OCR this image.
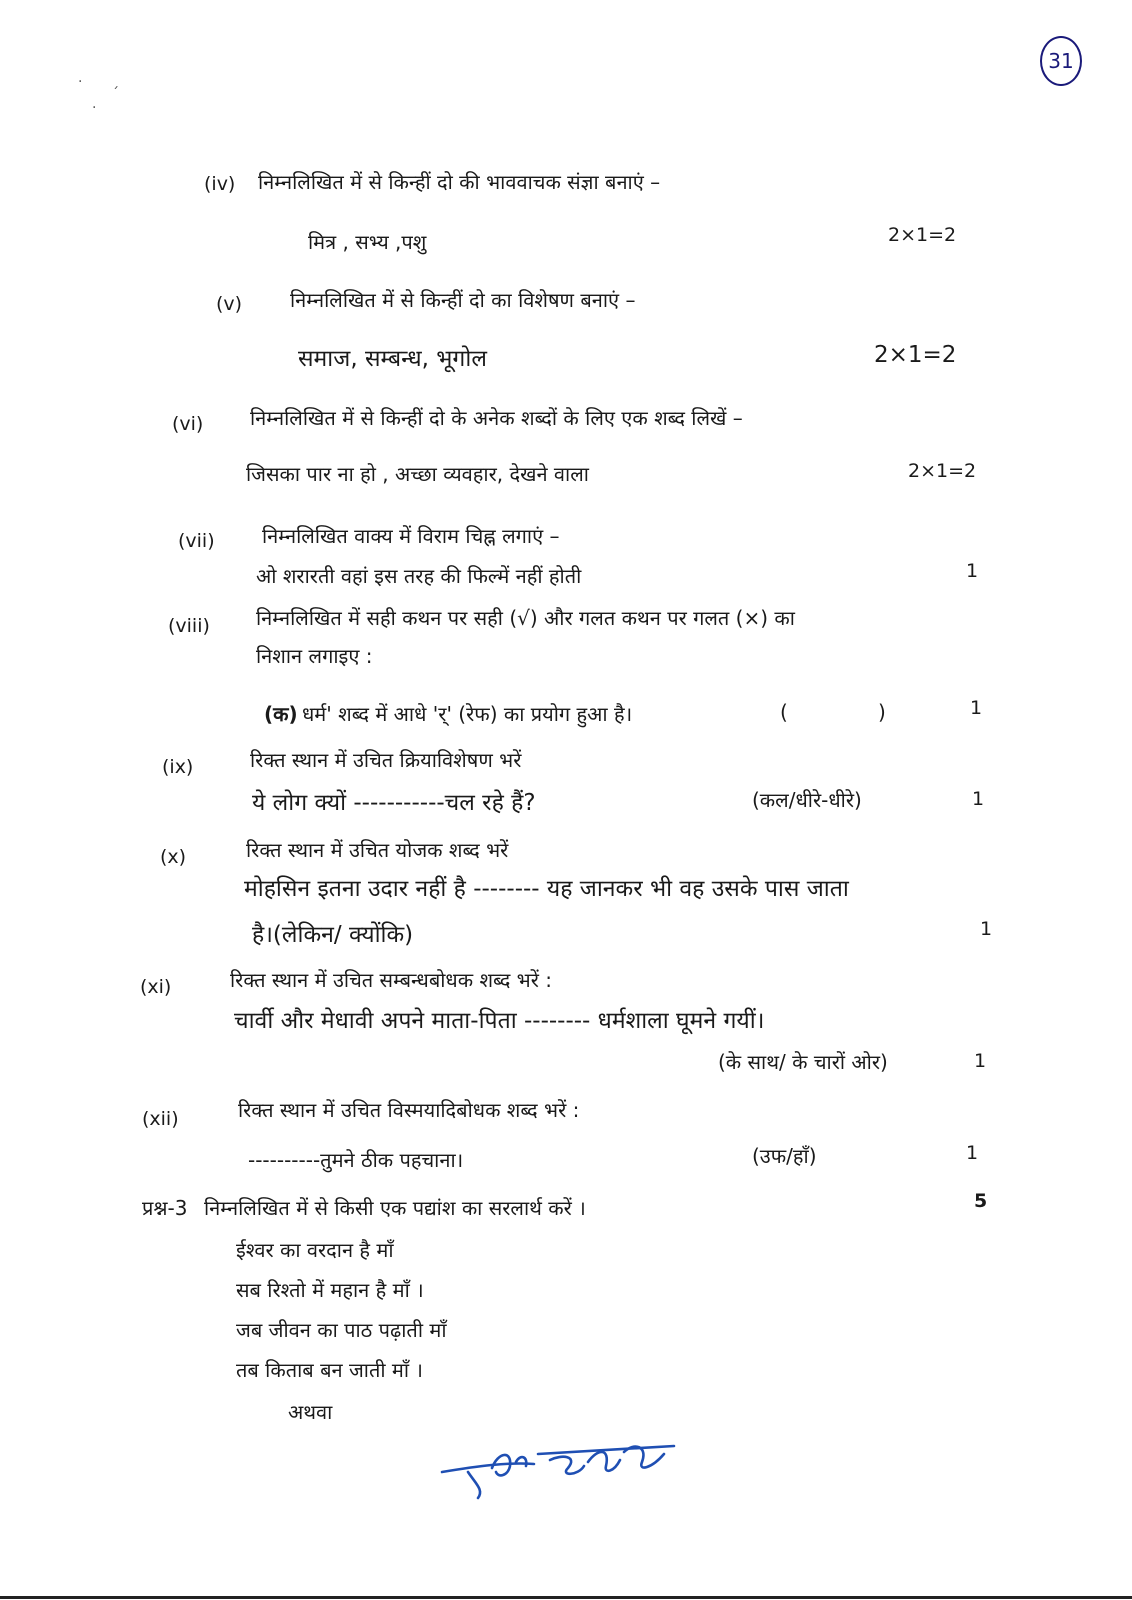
31
·
ˊ
·
(iv) निम्नलिखित में से किन्हीं दो की भाववाचक संज्ञा बनाएं –
मित्र , सभ्य ,पशु	2×1=2
(v) निम्नलिखित में से किन्हीं दो का विशेषण बनाएं –
समाज, सम्बन्ध, भूगोल	2×1=2
(vi) निम्नलिखित में से किन्हीं दो के अनेक शब्दों के लिए एक शब्द लिखें –
जिसका पार ना हो , अच्छा व्यवहार, देखने वाला	2×1=2
(vii) निम्नलिखित वाक्य में विराम चिह्न लगाएं –
ओ शरारती वहां इस तरह की फिल्में नहीं होती	1
(viii) निम्नलिखित में सही कथन पर सही (√) और गलत कथन पर गलत (×) का
निशान लगाइए :
(क) धर्म' शब्द में आधे 'र्' (रेफ) का प्रयोग हुआ है।	(	)	1
(ix)	रिक्त स्थान में उचित क्रियाविशेषण भरें
ये लोग क्यों -----------चल रहे हैं?	(कल/धीरे-धीरे)	1
(x)	रिक्त स्थान में उचित योजक शब्द भरें
मोहसिन इतना उदार नहीं है -------- यह जानकर भी वह उसके पास जाता
है।(लेकिन/ क्योंकि)	1
(xi)	रिक्त स्थान में उचित सम्बन्धबोधक शब्द भरें :
चार्वी और मेधावी अपने माता-पिता -------- धर्मशाला घूमने गयीं।
(के साथ/ के चारों ओर)	1
(xii)	रिक्त स्थान में उचित विस्मयादिबोधक शब्द भरें :
----------तुमने ठीक पहचाना।	(उफ/हाँ)	1
प्रश्न-3 निम्नलिखित में से किसी एक पद्यांश का सरलार्थ करें ।	5
ईश्वर का वरदान है माँ
सब रिश्तो में महान है माँ ।
जब जीवन का पाठ पढ़ाती माँ
तब किताब बन जाती माँ ।
अथवा
